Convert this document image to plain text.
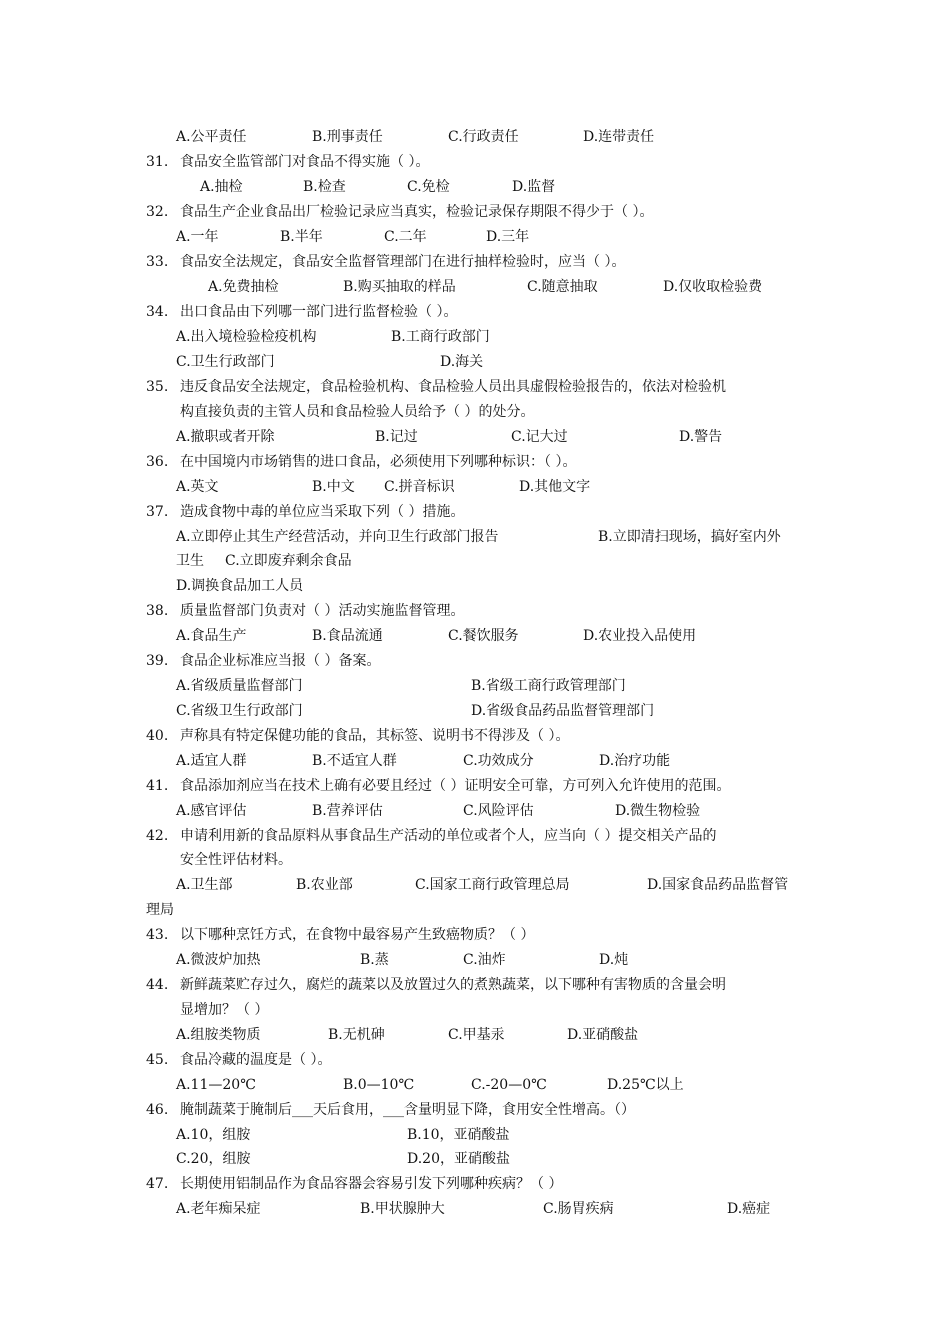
A.公平责任	B.刑事责任	C.行政责任	D.连带责任
31. 食品安全监管部门对食品不得实施（ ）。
A.抽检	B.检查	C.免检	D.监督
32. 食品生产企业食品出厂检验记录应当真实，检验记录保存期限不得少于（ ）。
A.一年	B.半年	C.二年	D.三年
33. 食品安全法规定，食品安全监督管理部门在进行抽样检验时，应当（ ）。
A.免费抽检	B.购买抽取的样品	C.随意抽取	D.仅收取检验费
34. 出口食品由下列哪一部门进行监督检验（ ）。
A.出入境检验检疫机构	B.工商行政部门
C.卫生行政部门	D.海关
35. 违反食品安全法规定，食品检验机构、食品检验人员出具虚假检验报告的，依法对检验机
构直接负责的主管人员和食品检验人员给予（ ）的处分。
A.撤职或者开除	B.记过	C.记大过	D.警告
36. 在中国境内市场销售的进口食品，必须使用下列哪种标识：（ ）。
A.英文	B.中文 C.拼音标识	D.其他文字
37. 造成食物中毒的单位应当采取下列（ ）措施。
A.立即停止其生产经营活动，并向卫生行政部门报告	B.立即清扫现场，搞好室内外
卫生 C.立即废弃剩余食品
D.调换食品加工人员
38. 质量监督部门负责对（ ）活动实施监督管理。
A.食品生产	B.食品流通	C.餐饮服务	D.农业投入品使用
39. 食品企业标准应当报（ ）备案。
A.省级质量监督部门	B.省级工商行政管理部门
C.省级卫生行政部门	D.省级食品药品监督管理部门
40. 声称具有特定保健功能的食品，其标签、说明书不得涉及（ ）。
A.适宜人群	B.不适宜人群	C.功效成分	D.治疗功能
41. 食品添加剂应当在技术上确有必要且经过（ ）证明安全可靠，方可列入允许使用的范围。
A.感官评估	B.营养评估	C.风险评估	D.微生物检验
42. 申请利用新的食品原料从事食品生产活动的单位或者个人，应当向（ ）提交相关产品的
安全性评估材料。
A.卫生部	B.农业部	C.国家工商行政管理总局	D.国家食品药品监督管
理局
43. 以下哪种烹饪方式，在食物中最容易产生致癌物质？（ ）
A.微波炉加热	B.蒸	C.油炸	D.炖
44. 新鲜蔬菜贮存过久，腐烂的蔬菜以及放置过久的煮熟蔬菜，以下哪种有害物质的含量会明
显增加？（ ）
A.组胺类物质	B.无机砷	C.甲基汞	D.亚硝酸盐
45. 食品冷藏的温度是（ ）。
A.11—20℃	B.0—10℃	C.-20—0℃	D.25℃以上
46. 腌制蔬菜于腌制后___天后食用，___含量明显下降，食用安全性增高。（）
A.10，组胺	B.10，亚硝酸盐
C.20，组胺	D.20，亚硝酸盐
47. 长期使用铝制品作为食品容器会容易引发下列哪种疾病？（ ）
A.老年痴呆症	B.甲状腺肿大	C.肠胃疾病	D.癌症
